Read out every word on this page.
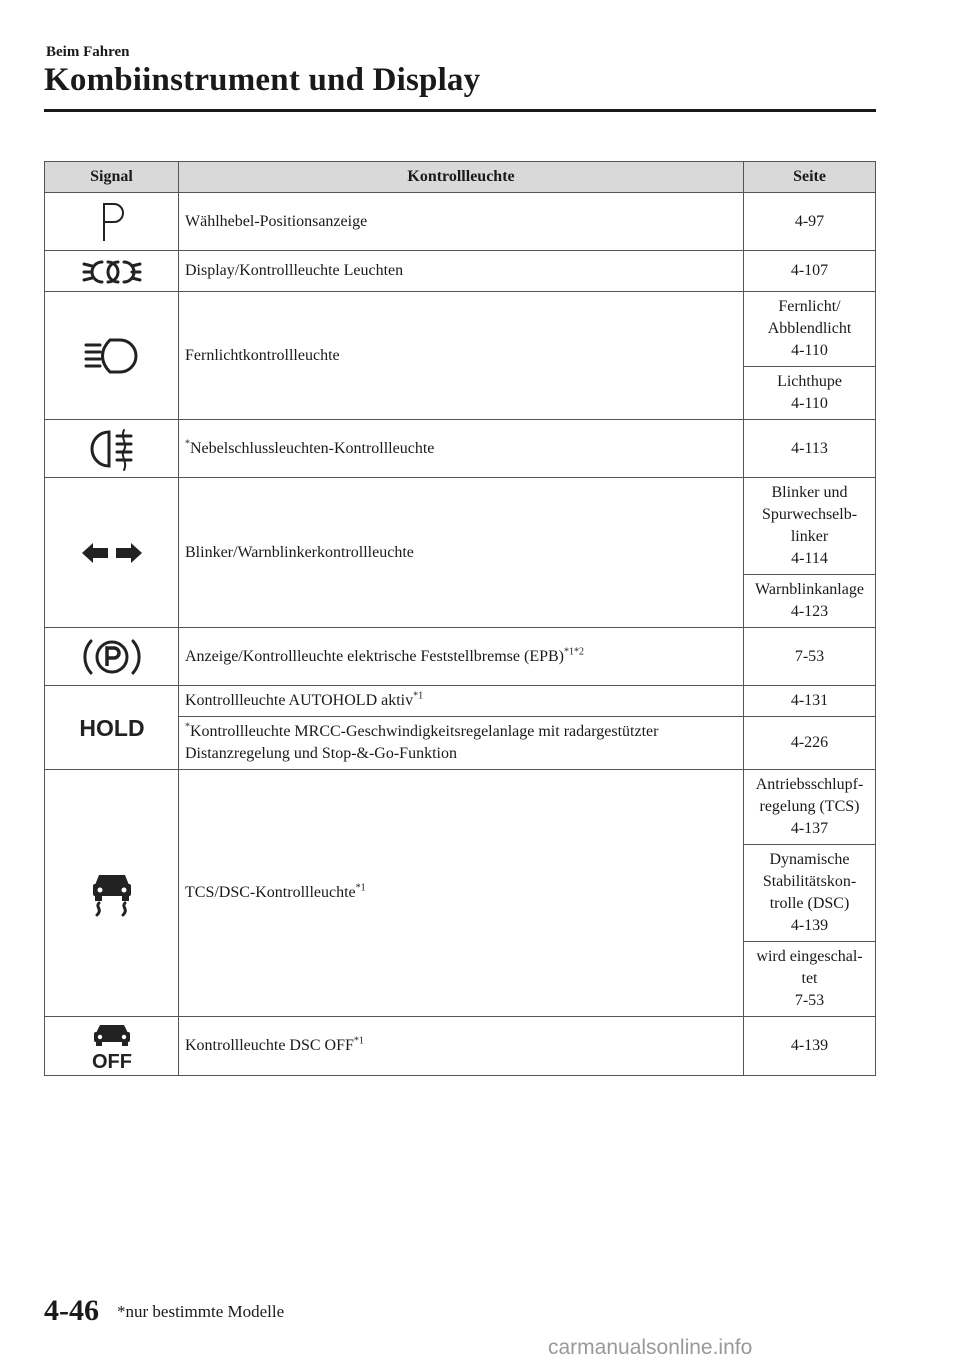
Beim Fahren
Kombiinstrument und Display
Signal	Kontrollleuchte	Seite

	Wählhebel-Positionsanzeige	4-97

	Display/Kontrollleuchte Leuchten	4-107

	Fernlichtkontrollleuchte	Fernlicht/
Abblendlicht
4-110

		Lichthupe
4-110

	*Nebelschlussleuchten-Kontrollleuchte	4-113

	Blinker/Warnblinkerkontrollleuchte	Blinker und
Spurwechselb-
linker
4-114

		Warnblinkanlage
4-123

	Anzeige/Kontrollleuchte elektrische Feststellbremse (EPB)$^{*1*2}$	7-53

HOLD	Kontrollleuchte AUTOHOLD aktiv$^{*1}$	4-131

	*Kontrollleuchte MRCC-Geschwindigkeitsregelanlage mit radargestützter
Distanzregelung und Stop-&-Go-Funktion	4-226

	TCS/DSC-Kontrollleuchte$^{*1}$	Antriebsschlupf-
regelung (TCS)
4-137

		Dynamische
Stabilitätskon-
trolle (DSC)
4-139

		wird eingeschal-
tet
7-53

OFF	Kontrollleuchte DSC OFF$^{*1}$	4-139
4-46 *nur bestimmte Modelle
carmanualsonline.info
